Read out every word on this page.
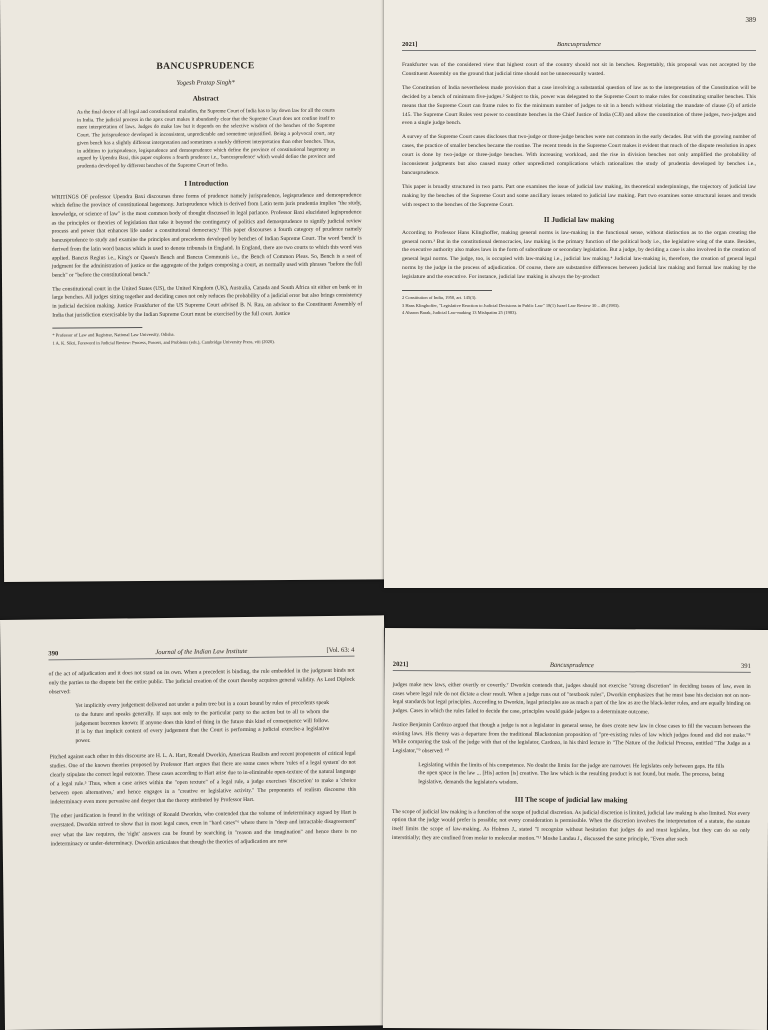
BANCUSPRUDENCE
Yogesh Pratap Singh*
Abstract
As the final doctor of all legal and constitutional maladies, the Supreme Court of India has to lay down law for all the courts in India. The judicial process in the apex court makes it abundantly clear that the Supreme Court does not confine itself to mere interpretation of laws. Judges do make law but it depends on the selective wisdom of the benches of the Supreme Court. The jurisprudence developed is inconsistent, unpredictable and sometime unjustified. Being a polyvocal court, any given bench has a slightly different interpretation and sometimes a starkly different interpretation than other benches. Thus, in addition to jurisprudence, legisprudence and demosprudence which define the province of constitutional hegemony as argued by Upendra Baxi, this paper explores a fourth prudence i.e., 'bancusprudence' which would define the province and prudentia developed by different benches of the Supreme Court of India.
I Introduction
WRITINGS OF professor Upendra Baxi discourses three forms of prudence namely jurisprudence, legisprudence and demosprudence which define the province of constitutional hegemony. Jurisprudence which is derived from Latin term juris prudentia implies "the study, knowledge, or science of law" is the most common body of thought discussed in legal parlance. Professor Baxi elucidated legisprudence as the principles or theories of legislation that take it beyond the contingency of politics and demosprudence to signify judicial review process and power that enhances life under a constitutional democracy.¹ This paper discourses a fourth category of prudence namely bancusprudence to study and examine the principles and precedents developed by benches of Indian Supreme Court. The word 'bench' is derived from the latin word bancus which is used to denote tribunals in England. In England, there are two courts to which this word was applied. Bancus Regius i.e., King's or Queen's Bench and Bancus Communis i.e., the Bench of Common Pleas. So, Bench is a seat of judgment for the administration of justice or the aggregate of the judges composing a court, as normally used with phrases "before the full bench" or "before the constitutional bench."
The constitutional court in the United States (US), the United Kingdom (UK), Australia, Canada and South Africa sit either en bank or in large benches. All judges sitting together and deciding cases not only reduces the probability of a judicial error but also brings consistency in judicial decision making. Justice Frankfurter of the US Supreme Court advised B. N. Rau, an advisor to the Constituent Assembly of India that jurisdiction exercisable by the Indian Supreme Court must be exercised by the full court. Justice
* Professor of Law and Registrar, National Law University, Odisha.
1 A. K. Sikri, Foreword in Judicial Review: Process, Powers, and Problems (eds.), Cambridge University Press, viii (2020).
2021]	Bancusprudence
389
Frankfurter was of the considered view that highest court of the country should not sit in benches. Regrettably, this proposal was not accepted by the Constituent Assembly on the ground that judicial time should not be unnecessarily wasted.
The Constitution of India nevertheless made provision that a case involving a substantial question of law as to the interpretation of the Constitution will be decided by a bench of minimum five-judges.² Subject to this, power was delegated to the Supreme Court to make rules for constituting smaller benches. This means that the Supreme Court can frame rules to fix the minimum number of judges to sit in a bench without violating the mandate of clause (3) of article 145. The Supreme Court Rules vest power to constitute benches in the Chief Justice of India (CJI) and allow the constitution of three judges, two-judges and even a single judge bench.
A survey of the Supreme Court cases discloses that two-judge or three-judge benches were not common in the early decades. But with the growing number of cases, the practice of smaller benches became the routine. The recent trends in the Supreme Court makes it evident that much of the dispute resolution in apex court is done by two-judge or three-judge benches. With increasing workload, and the rise in division benches not only amplified the probability of inconsistent judgments but also caused many other unpredicted complications which rationalizes the study of prudentia developed by benches i.e., bancusprudence.
This paper is broadly structured in two parts. Part one examines the issue of judicial law making, its theoretical underpinnings, the trajectory of judicial law making by the benches of the Supreme Court and some ancillary issues related to judicial law making. Part two examines some structural issues and trends with respect to the benches of the Supreme Court.
II Judicial law making
According to Professor Hans Klinghoffer, making general norms is law-making in the functional sense, without distinction as to the organ creating the general norm.³ But in the constitutional democracies, law making is the primary function of the political body i.e., the legislative wing of the state. Besides, the executive authority also makes laws in the form of subordinate or secondary legislation. But a judge, by deciding a case is also involved in the creation of general legal norms. The judge, too, is occupied with law-making i.e., judicial law making.⁴ Judicial law-making is, therefore, the creation of general legal norms by the judge in the process of adjudication. Of course, there are substantive differences between judicial law making and formal law making by the legislature and the executive. For instance, judicial law making is always the by-product
2 Constitution of India, 1950, art. 145(3).
3 Hans Klinghoffer, "Legislative Reaction to Judicial Decisions in Public Law" 18(1) Israel Law Review 30 – 48 (1983).
4 Aharon Barak, Judicial Law-making 13 Mishpatim 25 (1983).
390	Journal of the Indian Law Institute	[Vol. 63: 4
of the act of adjudication and it does not stand on its own. When a precedent is binding, the rule embedded in the judgment binds not only the parties to the dispute but the entire public. The judicial creation of the court thereby acquires general validity. As Lord Diplock observed:
Yet implicitly every judgement delivered not under a palm tree but in a court bound by rules of precedents speak to the future and speaks generally. If says not only to the particular party to the action but to all to whom the judgement becomes known: If anyone does this kind of thing in the future this kind of consequence will follow. If is by that implicit content of every judgement that the Court is performing a judicial exercise-a legislative power.
Pitched against each other in this discourse are H. L. A. Hart, Ronald Dworkin, American Realists and recent proponents of critical legal studies. One of the known theories proposed by Professor Hart argues that there are some cases where 'rules of a legal system' do not clearly stipulate the correct legal outcome. These cases according to Hart arise due to in-eliminable open-texture of the natural language of a legal rule.⁵ Thus, when a case arises within the "open texture" of a legal rule, a judge exercises 'discretion' to make a 'choice between open alternatives,' and hence engages in a "creative or legislative activity." The proponents of realism discourse this indeterminacy even more pervasive and deeper that the theory attributed by Professor Hart.
The other justification is found in the writings of Ronald Dworkin, who contended that the volume of indeterminacy argued by Hart is overstated. Dworkin strived to show that in most legal cases, even in "hard cases"⁶ where there is "deep and intractable disagreement" over what the law requires, the 'right' answers can be found by searching in "reason and the imagination" and hence there is no indeterminacy or under-determinacy. Dworkin articulates that though the theories of adjudication are now
2021]	Bancusprudence	391
judges make new laws, either overtly or covertly.⁷ Dworkin contends that, judges should not exercise "strong discretion" in deciding issues of law, even in cases where legal rule do not dictate a clear result. When a judge runs out of "textbook rules", Dworkin emphasizes that he must base his decision not on non-legal standards but legal principles. According to Dworkin, legal principles are as much a part of the law as are the black-letter rules, and are equally binding on judges. Cases in which the rules failed to decide the case, principles would guide judges to a determinate outcome.
Justice Benjamin Cardozo argued that though a judge is not a legislator in general sense, he does create new law in close cases to fill the vacuum between the existing laws. His theory was a departure from the traditional Blackstonian proposition of "pre-existing rules of law which judges found and did not make."⁸ While comparing the task of the judge with that of the legislator, Cardozo, in his third lecture in "The Nature of the Judicial Process, entitled "The Judge as a Legislator,"⁹ observed: ¹⁰
Legislating within the limits of his competence. No doubt the limits for the judge are narrower. He legislates only between gaps. He fills the open space in the law ... [His] action [is] creative. The law which is the resulting product is not found, but made. The process, being legislative, demands the legislator's wisdom.
III The scope of judicial law making
The scope of judicial law making is a function of the scope of judicial discretion. As judicial discretion is limited, judicial law making is also limited. Not every option that the judge would prefer is possible; not every consideration is permissible. When the discretion involves the interpretation of a statute, the statute itself limits the scope of law-making. As Holmes J., stated "I recognize without hesitation that judges do and must legislate, but they can do so only interstitially; they are confined from molar to molecular motion."¹¹ Moshe Landau J., discussed the same principle, "Even after such
